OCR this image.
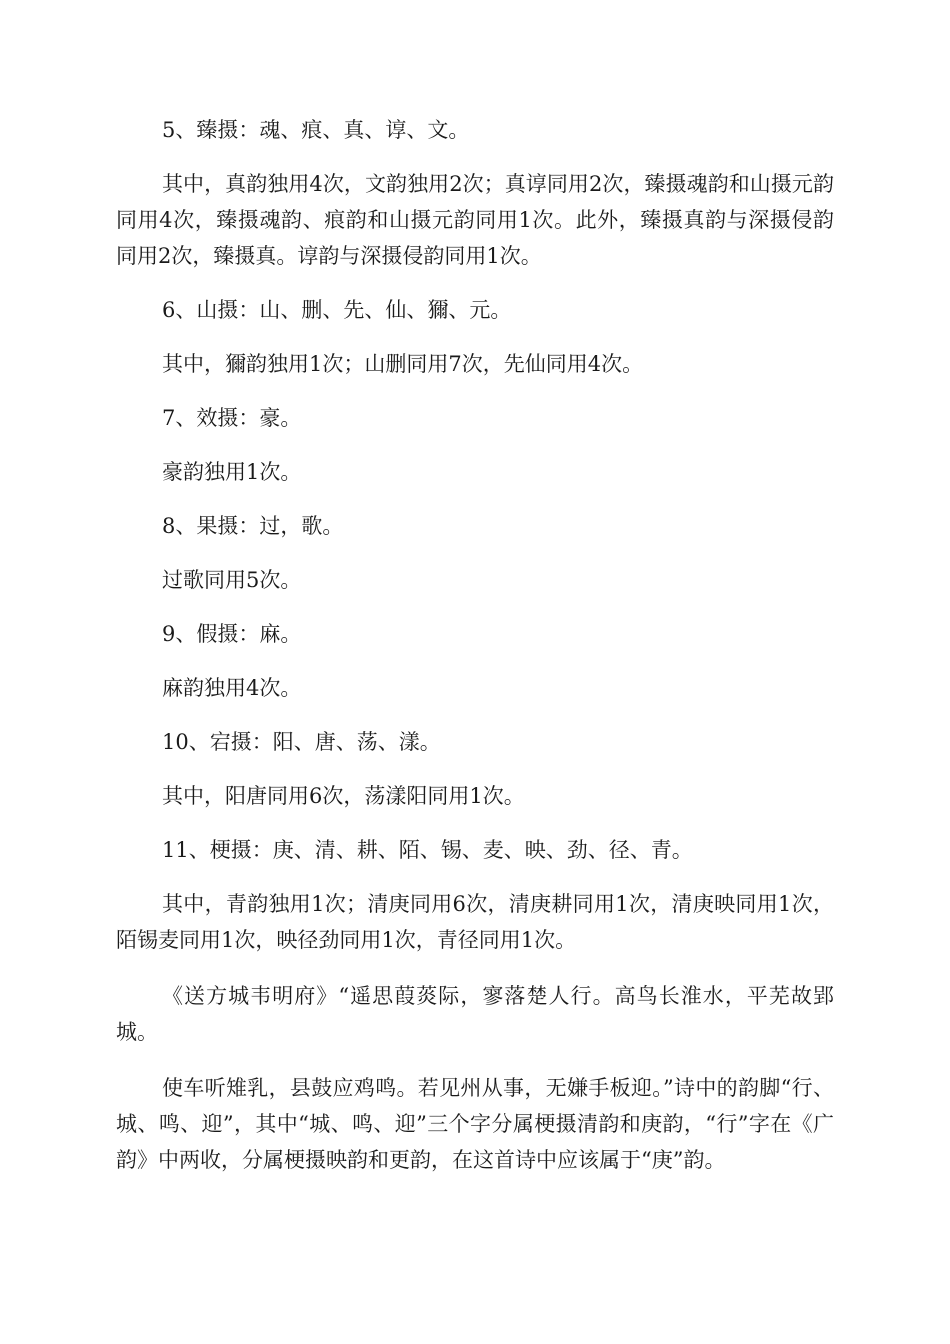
5、臻摄：魂、痕、真、谆、文。

其中，真韵独用4次，文韵独用2次；真谆同用2次，臻摄魂韵和山摄元韵同用4次，臻摄魂韵、痕韵和山摄元韵同用1次。此外，臻摄真韵与深摄侵韵同用2次，臻摄真。谆韵与深摄侵韵同用1次。

6、山摄：山、删、先、仙、獮、元。

其中，獮韵独用1次；山删同用7次，先仙同用4次。

7、效摄：豪。

豪韵独用1次。

8、果摄：过，歌。

过歌同用5次。

9、假摄：麻。

麻韵独用4次。

10、宕摄：阳、唐、荡、漾。

其中，阳唐同用6次，荡漾阳同用1次。

11、梗摄：庚、清、耕、陌、锡、麦、映、劲、径、青。

其中，青韵独用1次；清庚同用6次，清庚耕同用1次，清庚映同用1次，陌锡麦同用1次，映径劲同用1次，青径同用1次。

《送方城韦明府》“遥思葭菼际，寥落楚人行。高鸟长淮水，平芜故郢城。

使车听雉乳，县鼓应鸡鸣。若见州从事，无嫌手板迎。”诗中的韵脚“行、城、鸣、迎”，其中“城、鸣、迎”三个字分属梗摄清韵和庚韵，“行”字在《广韵》中两收，分属梗摄映韵和更韵，在这首诗中应该属于“庚”韵。
